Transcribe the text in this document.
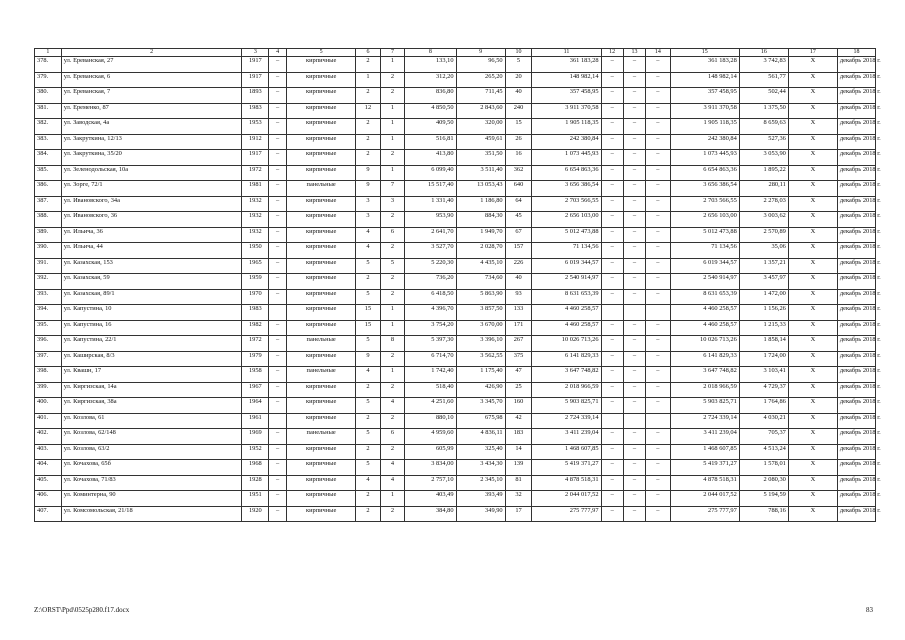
1	2	3	4	5	6	7	8	9	10	11	12	13	14	15	16	17	18
378.	ул. Ереванская, 27	1917	–	кирпичные	2	1	133,10	96,50	5	361 183,28	–	–	–	361 183,28	3 742,83	Х	декабрь 2018 г.
379.	ул. Ереванская, 6	1917	–	кирпичные	1	2	312,20	265,20	20	148 982,14	–	–	–	148 982,14	561,77	Х	декабрь 2018 г.
380.	ул. Ереванская, 7	1893	–	кирпичные	2	2	836,80	711,45	40	357 458,95	–	–	–	357 458,95	502,44	Х	декабрь 2018 г.
381.	ул. Еременко, 87	1983	–	кирпичные	12	1	4 850,50	2 843,60	240	3 911 370,58	–	–	–	3 911 370,58	1 375,50	Х	декабрь 2018 г.
382.	ул. Заводская, 4а	1953	–	кирпичные	2	1	409,50	320,00	15	1 905 118,35	–	–	–	1 905 118,35	8 659,63	Х	декабрь 2018 г.
383.	ул. Закруткина, 12/13	1912	–	кирпичные	2	1	516,81	459,61	26	242 380,84	–	–	–	242 380,84	527,36	Х	декабрь 2018 г.
384.	ул. Закруткина, 35/20	1917	–	кирпичные	2	2	413,80	351,50	16	1 073 445,93	–	–	–	1 073 445,93	3 053,90	Х	декабрь 2018 г.
385.	ул. Зеленодольская, 10а	1972	–	кирпичные	9	1	6 099,40	3 511,40	362	6 654 863,36	–	–	–	6 654 863,36	1 895,22	Х	декабрь 2018 г.
386.	ул. Зорге, 72/1	1981	–	панельные	9	7	15 517,40	13 053,43	640	3 656 386,54	–	–	–	3 656 386,54	280,11	Х	декабрь 2018 г.
387.	ул. Ивановского, 34а	1932	–	кирпичные	3	3	1 331,40	1 186,80	64	2 703 566,55	–	–	–	2 703 566,55	2 278,03	Х	декабрь 2018 г.
388.	ул. Ивановского, 36	1932	–	кирпичные	3	2	953,90	884,30	45	2 656 103,00	–	–	–	2 656 103,00	3 003,62	Х	декабрь 2018 г.
389.	ул. Ильича, 36	1932	–	кирпичные	4	6	2 641,70	1 949,70	67	5 012 473,88	–	–	–	5 012 473,88	2 570,89	Х	декабрь 2018 г.
390.	ул. Ильича, 44	1950	–	кирпичные	4	2	3 527,70	2 028,70	157	71 134,56	–	–	–	71 134,56	35,06	Х	декабрь 2018 г.
391.	ул. Казахская, 153	1965	–	кирпичные	5	5	5 220,30	4 435,10	226	6 019 344,57	–	–	–	6 019 344,57	1 357,21	Х	декабрь 2018 г.
392.	ул. Казахская, 59	1959	–	кирпичные	2	2	736,20	734,60	40	2 540 914,97	–	–	–	2 540 914,97	3 457,97	Х	декабрь 2018 г.
393.	ул. Казахская, 89/1	1970	–	кирпичные	5	2	6 418,50	5 863,90	93	8 631 653,39	–	–	–	8 631 653,39	1 472,00	Х	декабрь 2018 г.
394.	ул. Капустина, 10	1983		кирпичные	15	1	4 396,70	3 857,50	133	4 460 258,57				4 460 258,57	1 156,26	Х	декабрь 2018 г.
395.	ул. Капустина, 16	1982	–	кирпичные	15	1	3 754,20	3 670,00	171	4 460 258,57	–	–	–	4 460 258,57	1 215,33	Х	декабрь 2018 г.
396.	ул. Капустина, 22/1	1972	–	панельные	5	8	5 397,30	3 396,10	267	10 026 713,26	–	–	–	10 026 713,26	1 858,14	Х	декабрь 2018 г.
397.	ул. Каширская, 8/3	1979	–	кирпичные	9	2	6 714,70	3 562,55	375	6 141 829,33	–	–	–	6 141 829,33	1 724,00	Х	декабрь 2018 г.
398.	ул. Квашн, 17	1958	–	панельные	4	1	1 742,40	1 175,40	47	3 647 748,82	–	–	–	3 647 748,82	3 103,41	Х	декабрь 2018 г.
399.	ул. Киргизская, 14а	1967	–	кирпичные	2	2	518,40	426,90	25	2 018 966,59	–	–	–	2 018 966,59	4 729,37	Х	декабрь 2018 г.
400.	ул. Киргизская, 38а	1964	–	кирпичные	5	4	4 251,60	3 345,70	160	5 903 825,71	–	–	–	5 903 825,71	1 764,86	Х	декабрь 2018 г.
401.	ул. Козлова, 61	1961		кирпичные	2	2	880,10	675,98	42	2 724 339,14				2 724 339,14	4 030,21	Х	декабрь 2018 г.
402.	ул. Козлова, 62/148	1969	–	панельные	5	6	4 959,60	4 836,11	183	3 411 239,04	–	–	–	3 411 239,04	705,37	Х	декабрь 2018 г.
403.	ул. Козлова, 63/2	1952	–	кирпичные	2	2	605,99	325,40	14	1 468 607,85	–	–	–	1 468 607,85	4 513,24	Х	декабрь 2018 г.
404.	ул. Кочахова, 65б	1968	–	кирпичные	5	4	3 834,00	3 434,30	139	5 419 371,27	–	–	–	5 419 371,27	1 578,01	Х	декабрь 2018 г.
405.	ул. Кочахова, 71/83	1928	–	кирпичные	4	4	2 757,10	2 345,10	81	4 878 518,31	–	–	–	4 878 518,31	2 080,30	Х	декабрь 2018 г.
406.	ул. Коминтерна, 90	1951	–	кирпичные	2	1	403,49	393,49	32	2 044 017,52	–	–	–	2 044 017,52	5 194,59	Х	декабрь 2018 г.
407.	ул. Комсомольская, 21/18	1920	–	кирпичные	2	2	384,80	349,90	17	275 777,97	–	–	–	275 777,97	788,16	Х	декабрь 2018 г.
Z:\ORST\Ppd\0525p280.f17.docx	83
